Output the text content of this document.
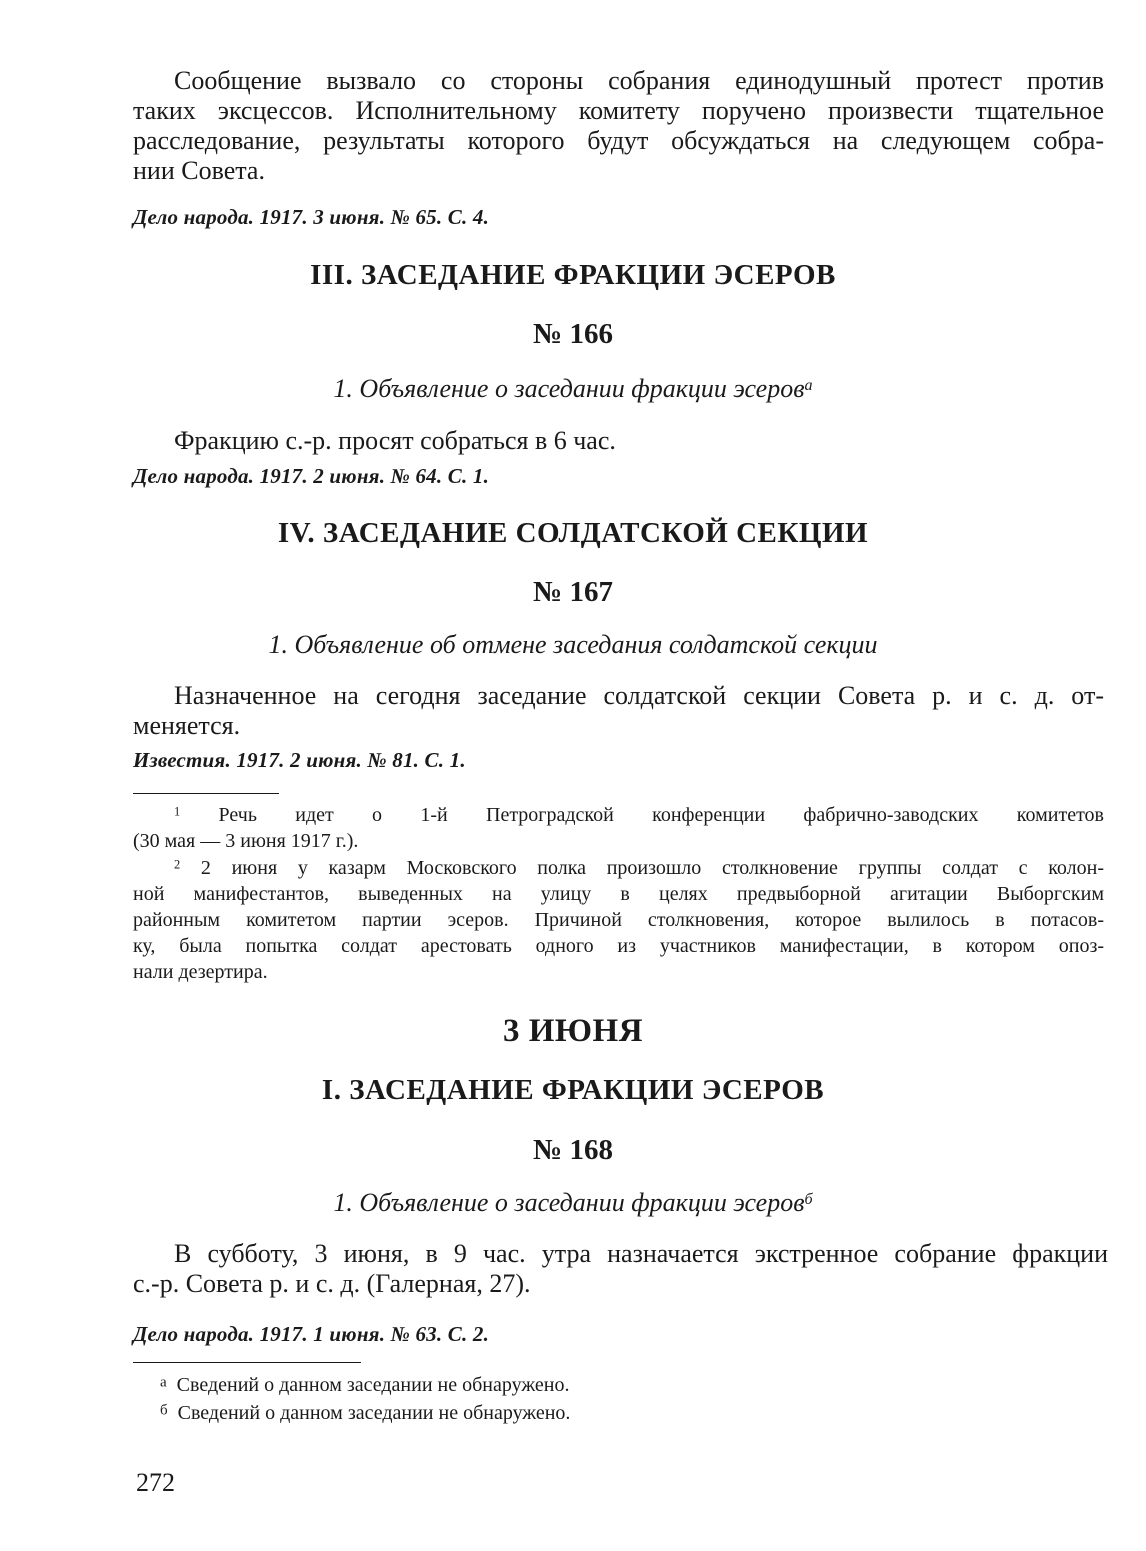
Сообщение вызвало со стороны собрания единодушный протест против
таких эксцессов. Исполнительному комитету поручено произвести тщательное
расследование, результаты которого будут обсуждаться на следующем собра-
нии Совета.
Дело народа. 1917. 3 июня. № 65. С. 4.
III. ЗАСЕДАНИЕ ФРАКЦИИ ЭСЕРОВ
№ 166
1. Объявление о заседании фракции эсеров$^а$
Фракцию с.-р. просят собраться в 6 час.
Дело народа. 1917. 2 июня. № 64. С. 1.
IV. ЗАСЕДАНИЕ СОЛДАТСКОЙ СЕКЦИИ
№ 167
1. Объявление об отмене заседания солдатской секции
Назначенное на сегодня заседание солдатской секции Совета р. и с. д. от-
меняется.
Известия. 1917. 2 июня. № 81. С. 1.
$^1$ Речь идет о 1-й Петроградской конференции фабрично-заводских комитетов
(30 мая — 3 июня 1917 г.).
$^2$ 2 июня у казарм Московского полка произошло столкновение группы солдат с колон-
ной манифестантов, выведенных на улицу в целях предвыборной агитации Выборгским
районным комитетом партии эсеров. Причиной столкновения, которое вылилось в потасов-
ку, была попытка солдат арестовать одного из участников манифестации, в котором опоз-
нали дезертира.
3 ИЮНЯ
I. ЗАСЕДАНИЕ ФРАКЦИИ ЭСЕРОВ
№ 168
1. Объявление о заседании фракции эсеров$^б$
В субботу, 3 июня, в 9 час. утра назначается экстренное собрание фракции
с.-р. Совета р. и с. д. (Галерная, 27).
Дело народа. 1917. 1 июня. № 63. С. 2.
$^а$ Сведений о данном заседании не обнаружено.
$^б$ Сведений о данном заседании не обнаружено.
272
